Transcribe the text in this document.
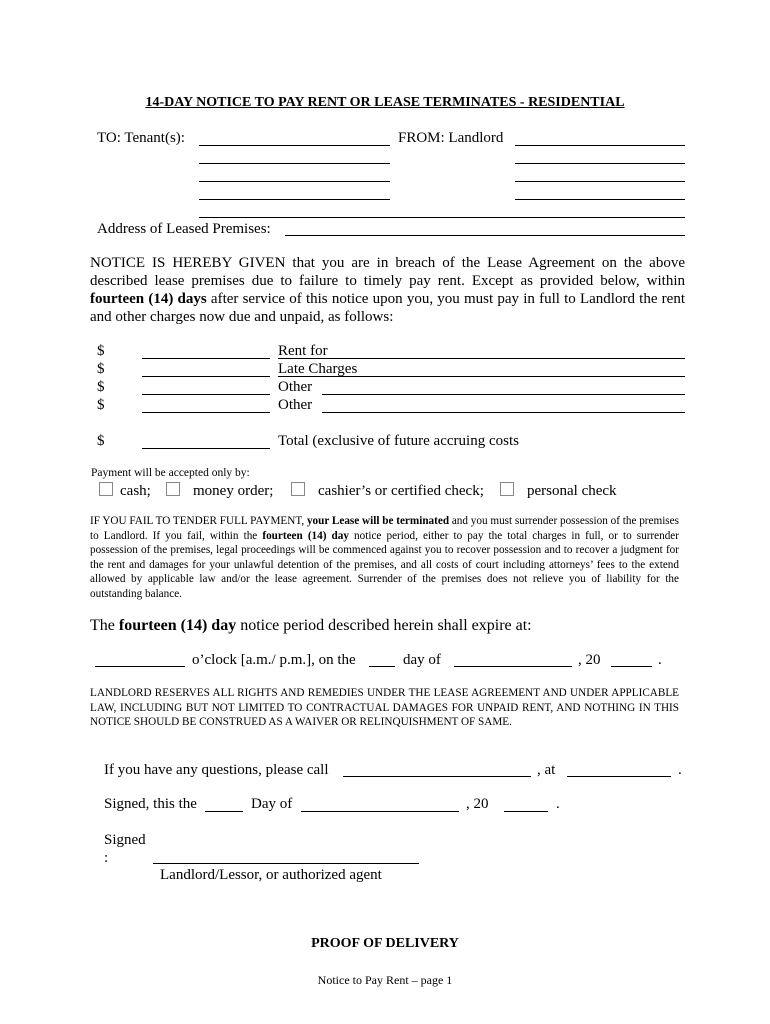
14-DAY NOTICE TO PAY RENT OR LEASE TERMINATES - RESIDENTIAL
TO: Tenant(s):	FROM: Landlord
Address of Leased Premises:
NOTICE IS HEREBY GIVEN that you are in breach of the Lease Agreement on the above described lease premises due to failure to timely pay rent. Except as provided below, within fourteen (14) days after service of this notice upon you, you must pay in full to Landlord the rent and other charges now due and unpaid, as follows:
$	Rent for
$	Late Charges
$	Other
$	Other
$	Total (exclusive of future accruing costs
Payment will be accepted only by:
cash;	money order;	cashier’s or certified check;	personal check
IF YOU FAIL TO TENDER FULL PAYMENT, your Lease will be terminated and you must surrender possession of the premises to Landlord. If you fail, within the fourteen (14) day notice period, either to pay the total charges in full, or to surrender possession of the premises, legal proceedings will be commenced against you to recover possession and to recover a judgment for the rent and damages for your unlawful detention of the premises, and all costs of court including attorneys’ fees to the extend allowed by applicable law and/or the lease agreement. Surrender of the premises does not relieve you of liability for the outstanding balance.
The fourteen (14) day notice period described herein shall expire at:
o’clock [a.m./ p.m.], on the	day of	, 20	.
LANDLORD RESERVES ALL RIGHTS AND REMEDIES UNDER THE LEASE AGREEMENT AND UNDER APPLICABLE LAW, INCLUDING BUT NOT LIMITED TO CONTRACTUAL DAMAGES FOR UNPAID RENT, AND NOTHING IN THIS NOTICE SHOULD BE CONSTRUED AS A WAIVER OR RELINQUISHMENT OF SAME.
If you have any questions, please call	, at	.
Signed, this the	Day of	, 20	.
Signed
:
Landlord/Lessor, or authorized agent
PROOF OF DELIVERY
Notice to Pay Rent – page 1
